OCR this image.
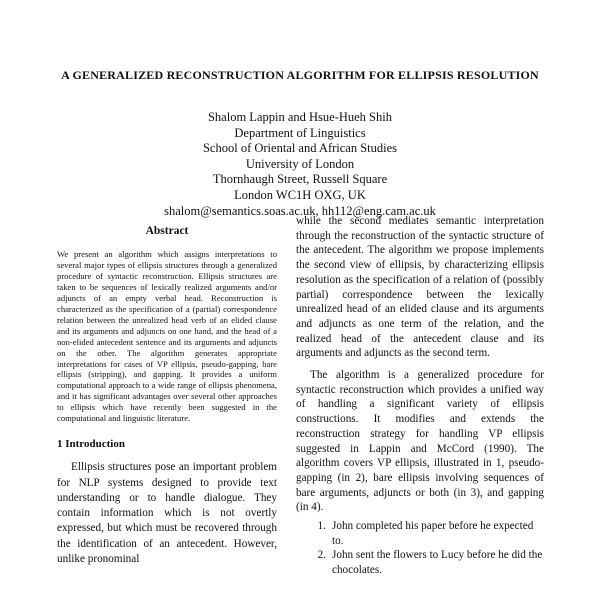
A GENERALIZED RECONSTRUCTION ALGORITHM FOR ELLIPSIS RESOLUTION
Shalom Lappin and Hsue-Hueh Shih
Department of Linguistics
School of Oriental and African Studies
University of London
Thornhaugh Street, Russell Square
London WC1H OXG, UK
shalom@semantics.soas.ac.uk, hh112@eng.cam.ac.uk
Abstract

We present an algorithm which assigns interpretations to several major types of ellipsis structures through a generalized procedure of syntactic reconstruction. Ellipsis structures are taken to be sequences of lexically realized arguments and/or adjuncts of an empty verbal head. Reconstruction is characterized as the specification of a (partial) correspondence relation between the unrealized head verb of an elided clause and its arguments and adjuncts on one hand, and the head of a non-elided antecedent sentence and its arguments and adjuncts on the other. The algorithm generates appropriate interpretations for cases of VP ellipsis, pseudo-gapping, bare ellipsis (stripping), and gapping. It provides a uniform computational approach to a wide range of ellipsis phenomena, and it has significant advantages over several other approaches to ellipsis which have recently been suggested in the computational and linguistic literature.

1 Introduction

Ellipsis structures pose an important problem for NLP systems designed to provide text understanding or to handle dialogue. They contain information which is not overtly expressed, but which must be recovered through the identification of an antecedent. However, unlike pronominal

while the second mediates semantic interpretation through the reconstruction of the syntactic structure of the antecedent. The algorithm we propose implements the second view of ellipsis, by characterizing ellipsis resolution as the specification of a relation of (possibly partial) correspondence between the lexically unrealized head of an elided clause and its arguments and adjuncts as one term of the relation, and the realized head of the antecedent clause and its arguments and adjuncts as the second term.

The algorithm is a generalized procedure for syntactic reconstruction which provides a unified way of handling a significant variety of ellipsis constructions. It modifies and extends the reconstruction strategy for handling VP ellipsis suggested in Lappin and McCord (1990). The algorithm covers VP ellipsis, illustrated in 1, pseudo-gapping (in 2), bare ellipsis involving sequences of bare arguments, adjuncts or both (in 3), and gapping (in 4).

1. John completed his paper before he expected to.
2. John sent the flowers to Lucy before he did the chocolates.
